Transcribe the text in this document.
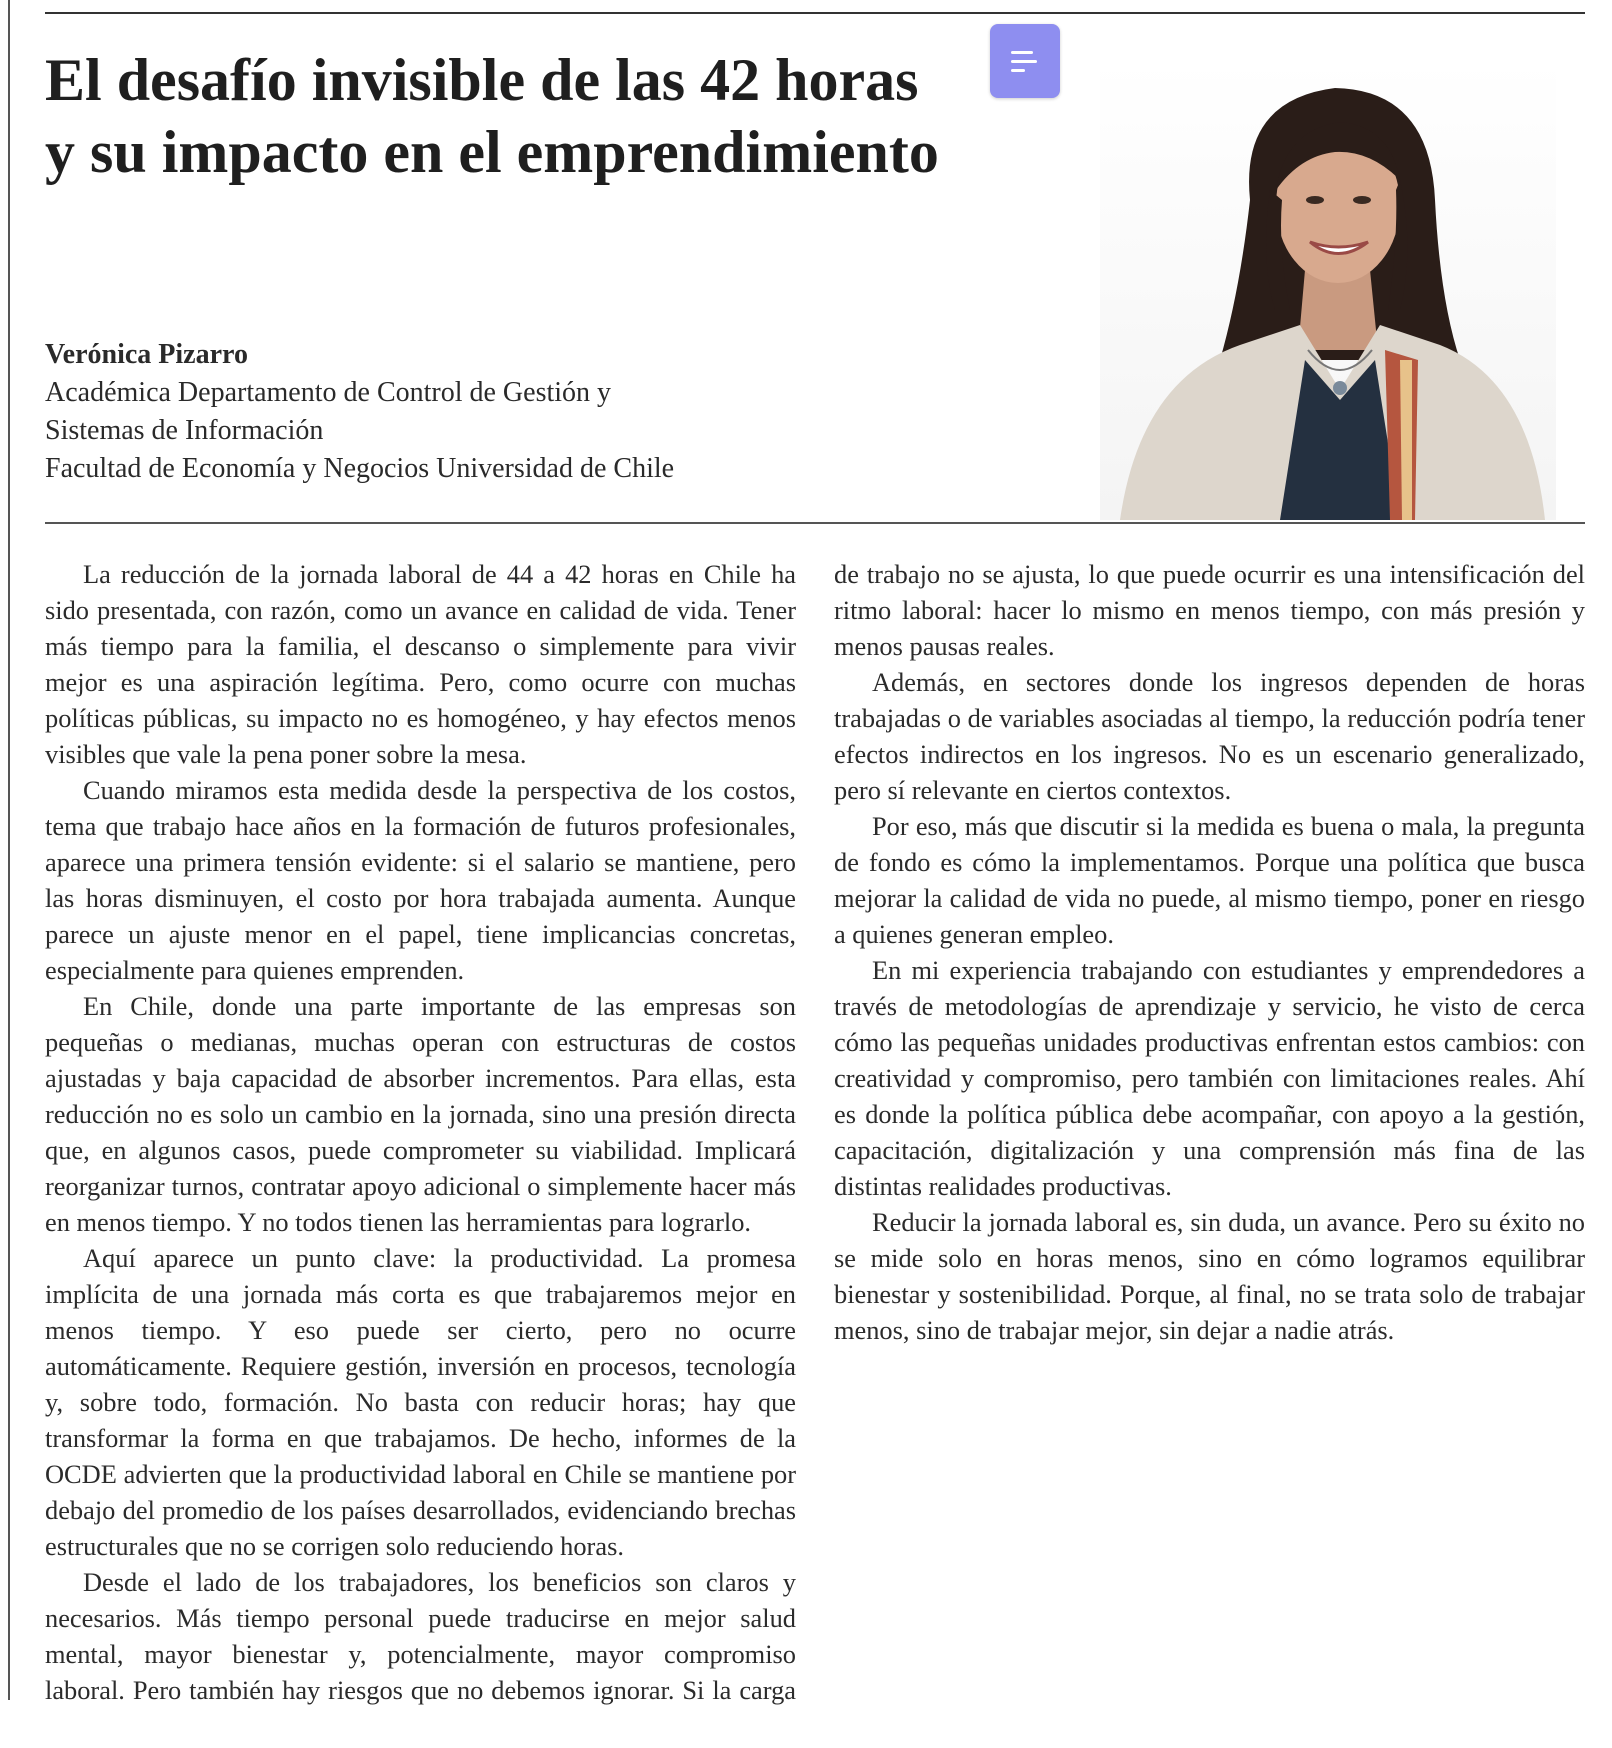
El desafío invisible de las 42 horas
y su impacto en el emprendimiento
Verónica Pizarro
Académica Departamento de Control de Gestión y
Sistemas de Información
Facultad de Economía y Negocios Universidad de Chile

La reducción de la jornada laboral de 44 a 42 horas en Chile ha sido presentada, con razón, como un avance en calidad de vida. Tener más tiempo para la familia, el descanso o simplemente para vivir mejor es una aspiración legítima. Pero, como ocurre con muchas políticas públicas, su impacto no es homogéneo, y hay efectos menos visibles que vale la pena poner sobre la mesa.

Cuando miramos esta medida desde la perspectiva de los costos, tema que trabajo hace años en la formación de futuros profesionales, aparece una primera tensión evidente: si el salario se mantiene, pero las horas disminuyen, el costo por hora trabajada aumenta. Aunque parece un ajuste menor en el papel, tiene implicancias concretas, especialmente para quienes emprenden.

En Chile, donde una parte importante de las empresas son pequeñas o medianas, muchas operan con estructuras de costos ajustadas y baja capacidad de absorber incrementos. Para ellas, esta reducción no es solo un cambio en la jornada, sino una presión directa que, en algunos casos, puede comprometer su viabilidad. Implicará reorganizar turnos, contratar apoyo adicional o simplemente hacer más en menos tiempo. Y no todos tienen las herramientas para lograrlo.

Aquí aparece un punto clave: la productividad. La promesa implícita de una jornada más corta es que trabajaremos mejor en menos tiempo. Y eso puede ser cierto, pero no ocurre automáticamente. Requiere gestión, inversión en procesos, tecnología y, sobre todo, formación. No basta con reducir horas; hay que transformar la forma en que trabajamos. De hecho, informes de la OCDE advierten que la productividad laboral en Chile se mantiene por debajo del promedio de los países desarrollados, evidenciando brechas estructurales que no se corrigen solo reduciendo horas.

Desde el lado de los trabajadores, los beneficios son claros y necesarios. Más tiempo personal puede traducirse en mejor salud mental, mayor bienestar y, potencialmente, mayor compromiso laboral. Pero también hay riesgos que no debemos ignorar. Si la carga de trabajo no se ajusta, lo que puede ocurrir es una intensificación del ritmo laboral: hacer lo mismo en menos tiempo, con más presión y menos pausas reales.

Además, en sectores donde los ingresos dependen de horas trabajadas o de variables asociadas al tiempo, la reducción podría tener efectos indirectos en los ingresos. No es un escenario generalizado, pero sí relevante en ciertos contextos.

Por eso, más que discutir si la medida es buena o mala, la pregunta de fondo es cómo la implementamos. Porque una política que busca mejorar la calidad de vida no puede, al mismo tiempo, poner en riesgo a quienes generan empleo.

En mi experiencia trabajando con estudiantes y emprendedores a través de metodologías de aprendizaje y servicio, he visto de cerca cómo las pequeñas unidades productivas enfrentan estos cambios: con creatividad y compromiso, pero también con limitaciones reales. Ahí es donde la política pública debe acompañar, con apoyo a la gestión, capacitación, digitalización y una comprensión más fina de las distintas realidades productivas.

Reducir la jornada laboral es, sin duda, un avance. Pero su éxito no se mide solo en horas menos, sino en cómo logramos equilibrar bienestar y sostenibilidad. Porque, al final, no se trata solo de trabajar menos, sino de trabajar mejor, sin dejar a nadie atrás.
